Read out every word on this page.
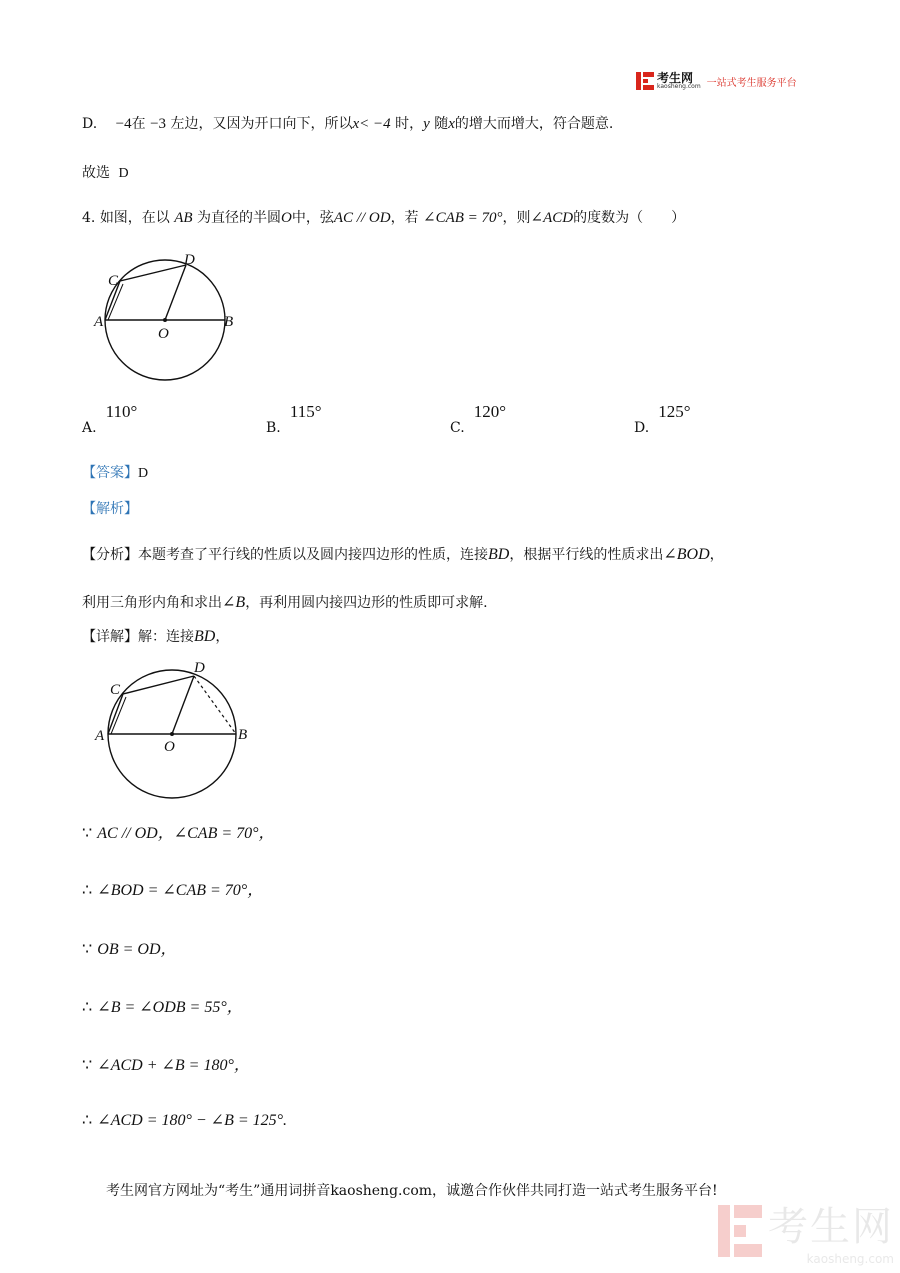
考生网
kaosheng.com 一站式考生服务平台
D. −4在 −3 左边，又因为开口向下，所以x< −4 时，y 随x的增大而增大，符合题意.
故选 D
4. 如图，在以 AB 为直径的半圆O中，弦AC // OD，若 ∠CAB = 70°，则∠ACD的度数为（　　）
A	B
C
D
O
A. 110°
B. 115°
C. 120°
D. 125°
【答案】D
【解析】
【分析】本题考查了平行线的性质以及圆内接四边形的性质，连接BD，根据平行线的性质求出∠BOD，
利用三角形内角和求出∠B，再利用圆内接四边形的性质即可求解.
【详解】解：连接BD，
A	B
C
D
O
∵ AC // OD，∠CAB = 70°，
∴ ∠BOD = ∠CAB = 70°，
∵ OB = OD，
∴ ∠B = ∠ODB = 55°，
∵ ∠ACD + ∠B = 180°，
∴ ∠ACD = 180° − ∠B = 125°.
考生网官方网址为“考生”通用词拼音kaosheng.com，诚邀合作伙伴共同打造一站式考生服务平台!
考生网
kaosheng.com
